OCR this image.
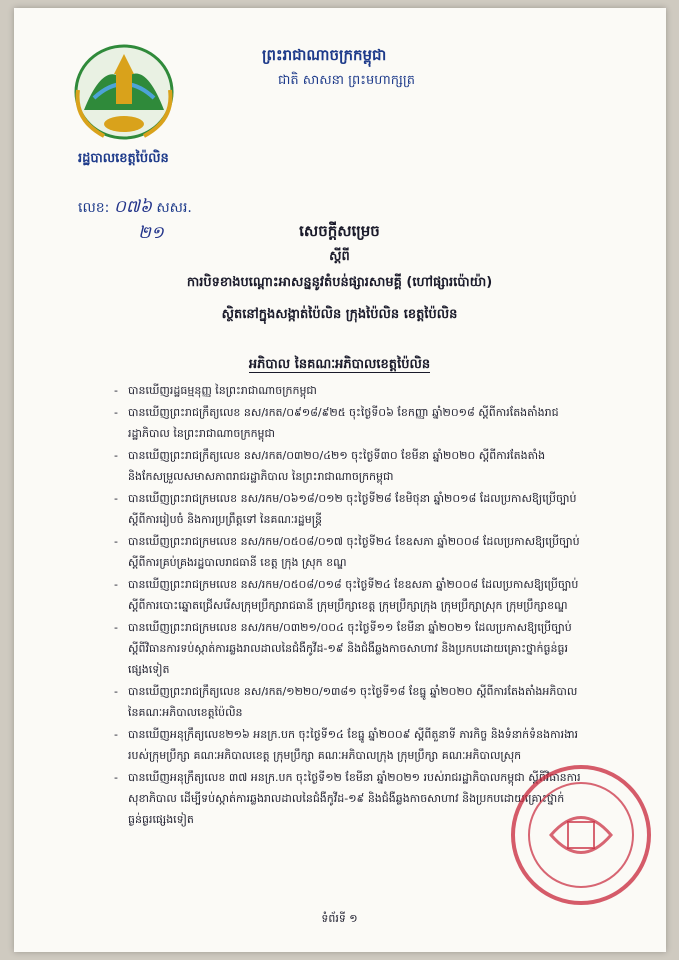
រដ្ឋបាលខេត្តប៉ៃលិន
ព្រះរាជាណាចក្រកម្ពុជា
ជាតិ សាសនា ព្រះមហាក្សត្រ
លេខ: ០៧៦ សសរ.
២១	សេចក្តីសម្រេច
ស្តីពី
ការបិទខាងបណ្តោះអាសន្ននូវតំបន់ផ្សារសាមគ្គី (ហៅផ្សារប៉ោយ៉ា)
ស្ថិតនៅក្នុងសង្កាត់ប៉ៃលិន ក្រុងប៉ៃលិន ខេត្តប៉ៃលិន
អភិបាល នៃគណៈអភិបាលខេត្តប៉ៃលិន
- បានឃើញរដ្ឋធម្មនុញ្ញ នៃព្រះរាជាណាចក្រកម្ពុជា
- បានឃើញព្រះរាជក្រឹត្យលេខ នស/រកត/០៩១៨/៩២៥ ចុះថ្ងៃទី០៦ ខែកញ្ញា ឆ្នាំ២០១៨ ស្តីពីការតែងតាំងរាជរដ្ឋាភិបាល នៃព្រះរាជាណាចក្រកម្ពុជា
- បានឃើញព្រះរាជក្រឹត្យលេខ នស/រកត/០៣២០/៤២១ ចុះថ្ងៃទី៣០ ខែមីនា ឆ្នាំ២០២០ ស្តីពីការតែងតាំងនិងកែសម្រួលសមាសភាពរាជរដ្ឋាភិបាល នៃព្រះរាជាណាចក្រកម្ពុជា
- បានឃើញព្រះរាជក្រមលេខ នស/រកម/០៦១៨/០១២ ចុះថ្ងៃទី២៨ ខែមិថុនា ឆ្នាំ២០១៨ ដែលប្រកាសឱ្យប្រើច្បាប់ស្តីពីការរៀបចំ និងការប្រព្រឹត្តទៅ នៃគណៈរដ្ឋមន្ត្រី
- បានឃើញព្រះរាជក្រមលេខ នស/រកម/០៥០៨/០១៧ ចុះថ្ងៃទី២៤ ខែឧសភា ឆ្នាំ២០០៨ ដែលប្រកាសឱ្យប្រើច្បាប់ស្តីពីការគ្រប់គ្រងរដ្ឋបាលរាជធានី ខេត្ត ក្រុង ស្រុក ខណ្ឌ
- បានឃើញព្រះរាជក្រមលេខ នស/រកម/០៥០៨/០១៨ ចុះថ្ងៃទី២៤ ខែឧសភា ឆ្នាំ២០០៨ ដែលប្រកាសឱ្យប្រើច្បាប់ស្តីពីការបោះឆ្នោតជ្រើសរើសក្រុមប្រឹក្សារាជធានី ក្រុមប្រឹក្សាខេត្ត ក្រុមប្រឹក្សាក្រុង ក្រុមប្រឹក្សាស្រុក ក្រុមប្រឹក្សាខណ្ឌ
- បានឃើញព្រះរាជក្រមលេខ នស/រកម/០៣២១/០០៤ ចុះថ្ងៃទី១១ ខែមីនា ឆ្នាំ២០២១ ដែលប្រកាសឱ្យប្រើច្បាប់ស្តីពីវិធានការទប់ស្កាត់ការឆ្លងរាលដាលនៃជំងឺកូវីដ-១៩ និងជំងឺឆ្លងកាចសាហាវ និងប្រកបដោយគ្រោះថ្នាក់ធ្ងន់ធ្ងរផ្សេងទៀត
- បានឃើញព្រះរាជក្រឹត្យលេខ នស/រកត/១២២០/១៣៨១ ចុះថ្ងៃទី១៨ ខែធ្នូ ឆ្នាំ២០២០ ស្តីពីការតែងតាំងអភិបាល នៃគណៈអភិបាលខេត្តប៉ៃលិន
- បានឃើញអនុក្រឹត្យលេខ២១៦ អនក្រ.បក ចុះថ្ងៃទី១៤ ខែធ្នូ ឆ្នាំ២០០៩ ស្តីពីតួនាទី ភារកិច្ច និងទំនាក់ទំនងការងាររបស់ក្រុមប្រឹក្សា គណៈអភិបាលខេត្ត ក្រុមប្រឹក្សា គណៈអភិបាលក្រុង ក្រុមប្រឹក្សា គណៈអភិបាលស្រុក
- បានឃើញអនុក្រឹត្យលេខ ៣៧ អនក្រ.បក ចុះថ្ងៃទី១២ ខែមីនា ឆ្នាំ២០២១ របស់រាជរដ្ឋាភិបាលកម្ពុជា ស្តីពីវិធានការសុខាភិបាល ដើម្បីទប់ស្កាត់ការឆ្លងរាលដាលនៃជំងឺកូវីដ-១៩ និងជំងឺឆ្លងកាចសាហាវ និងប្រកបដោយគ្រោះថ្នាក់ធ្ងន់ធ្ងរផ្សេងទៀត
ទំព័រទី ១
